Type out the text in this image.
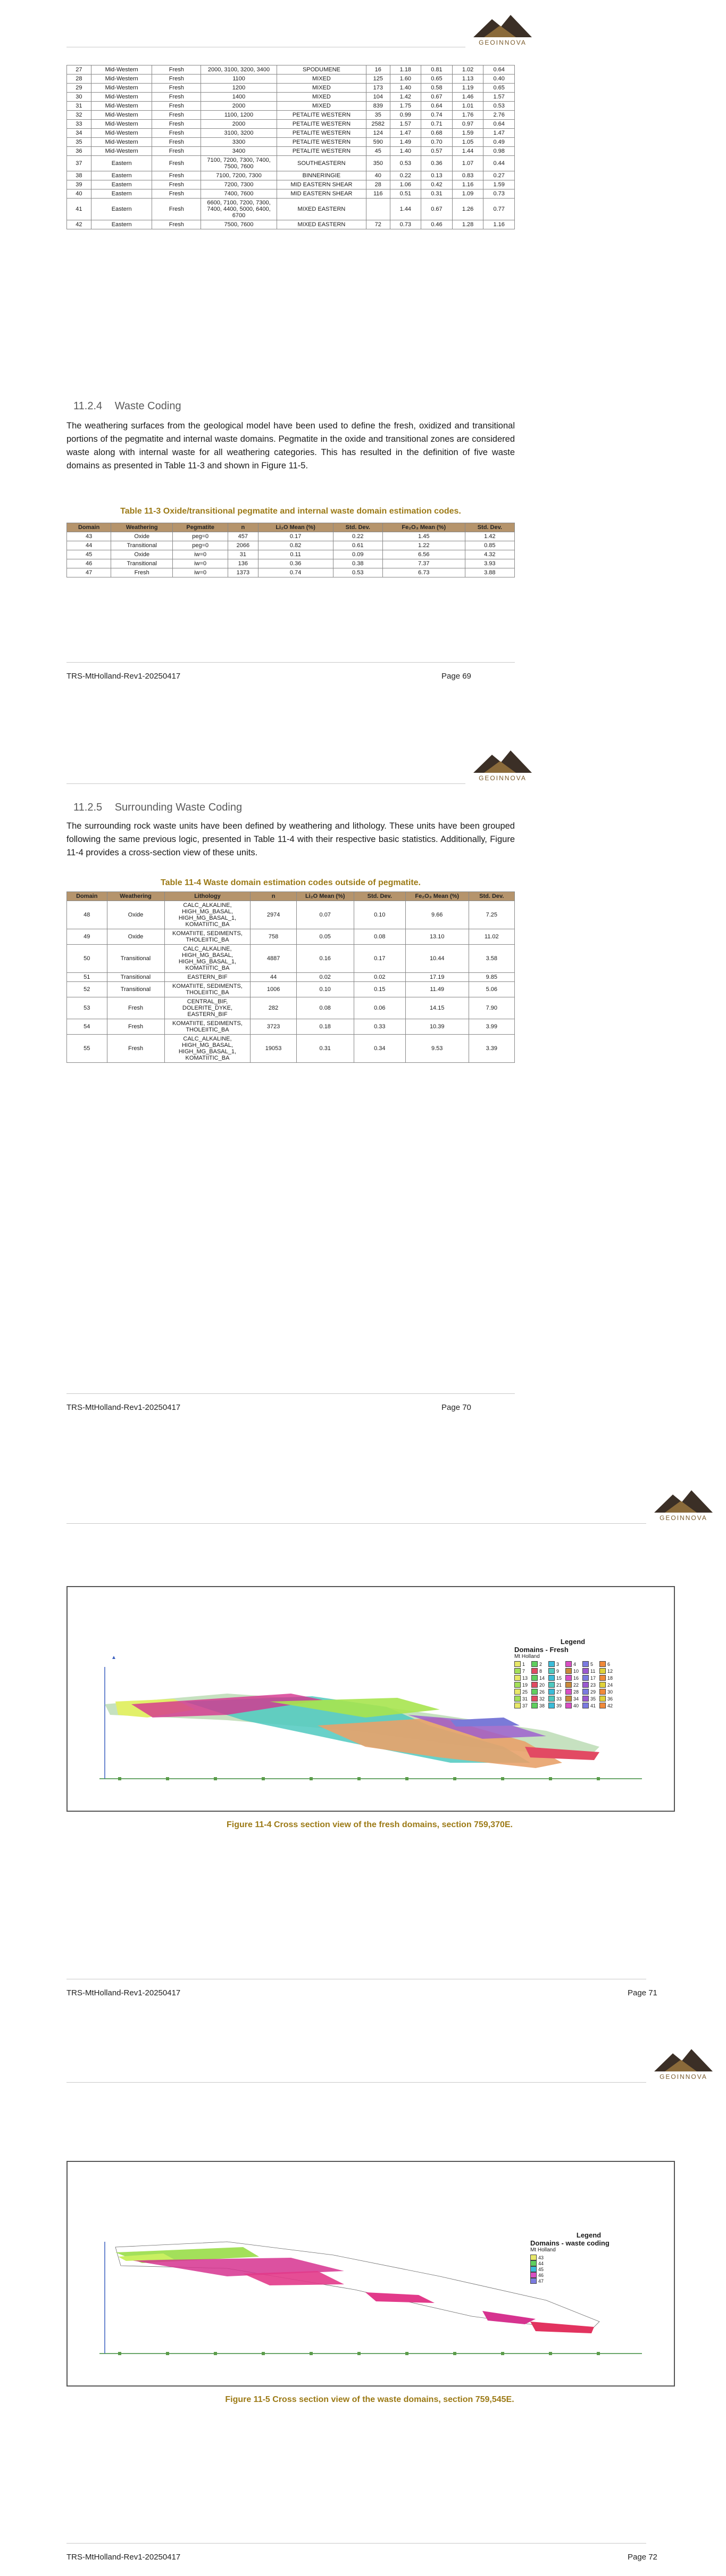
GEOINNOVA
27	Mid-Western	Fresh	2000, 3100, 3200, 3400	SPODUMENE	16	1.18	0.81	1.02	0.64
28	Mid-Western	Fresh	1100	MIXED	125	1.60	0.65	1.13	0.40
29	Mid-Western	Fresh	1200	MIXED	173	1.40	0.58	1.19	0.65
30	Mid-Western	Fresh	1400	MIXED	104	1.42	0.67	1.46	1.57
31	Mid-Western	Fresh	2000	MIXED	839	1.75	0.64	1.01	0.53
32	Mid-Western	Fresh	1100, 1200	PETALITE WESTERN	35	0.99	0.74	1.76	2.76
33	Mid-Western	Fresh	2000	PETALITE WESTERN	2582	1.57	0.71	0.97	0.64
34	Mid-Western	Fresh	3100, 3200	PETALITE WESTERN	124	1.47	0.68	1.59	1.47
35	Mid-Western	Fresh	3300	PETALITE WESTERN	590	1.49	0.70	1.05	0.49
36	Mid-Western	Fresh	3400	PETALITE WESTERN	45	1.40	0.57	1.44	0.98
37	Eastern	Fresh	7100, 7200, 7300, 7400, 7500, 7600	SOUTHEASTERN	350	0.53	0.36	1.07	0.44
38	Eastern	Fresh	7100, 7200, 7300	BINNERINGIE	40	0.22	0.13	0.83	0.27
39	Eastern	Fresh	7200, 7300	MID EASTERN SHEAR	28	1.06	0.42	1.16	1.59
40	Eastern	Fresh	7400, 7600	MID EASTERN SHEAR	116	0.51	0.31	1.09	0.73
41	Eastern	Fresh	6600, 7100, 7200, 7300, 7400, 4400, 5000, 6400, 6700	MIXED EASTERN		1.44	0.67	1.26	0.77
42	Eastern	Fresh	7500, 7600	MIXED EASTERN	72	0.73	0.46	1.28	1.16
11.2.4 Waste Coding
The weathering surfaces from the geological model have been used to define the fresh, oxidized and transitional portions of the pegmatite and internal waste domains. Pegmatite in the oxide and transitional zones are considered waste along with internal waste for all weathering categories. This has resulted in the definition of five waste domains as presented in Table 11-3 and shown in Figure 11-5.
Table 11-3 Oxide/transitional pegmatite and internal waste domain estimation codes.
Domain	Weathering	Pegmatite	n	Li₂O Mean (%)	Std. Dev.	Fe₂O₃ Mean (%)	Std. Dev.
43	Oxide	peg=0	457	0.17	0.22	1.45	1.42
44	Transitional	peg=0	2066	0.82	0.61	1.22	0.85
45	Oxide	iw=0	31	0.11	0.09	6.56	4.32
46	Transitional	iw=0	136	0.36	0.38	7.37	3.93
47	Fresh	iw=0	1373	0.74	0.53	6.73	3.88
TRS-MtHolland-Rev1-20250417	Page 69
GEOINNOVA
11.2.5 Surrounding Waste Coding
The surrounding rock waste units have been defined by weathering and lithology. These units have been grouped following the same previous logic, presented in Table 11-4 with their respective basic statistics. Additionally, Figure 11-4 provides a cross-section view of these units.
Table 11-4 Waste domain estimation codes outside of pegmatite.
Domain	Weathering	Lithology	n	Li₂O Mean (%)	Std. Dev.	Fe₂O₃ Mean (%)	Std. Dev.
48	Oxide	CALC_ALKALINE, HIGH_MG_BASAL, HIGH_MG_BASAL_1, KOMATIITIC_BA	2974	0.07	0.10	9.66	7.25
49	Oxide	KOMATIITE, SEDIMENTS, THOLEIITIC_BA	758	0.05	0.08	13.10	11.02
50	Transitional	CALC_ALKALINE, HIGH_MG_BASAL, HIGH_MG_BASAL_1, KOMATIITIC_BA	4887	0.16	0.17	10.44	3.58
51	Transitional	EASTERN_BIF	44	0.02	0.02	17.19	9.85
52	Transitional	KOMATIITE, SEDIMENTS, THOLEIITIC_BA	1006	0.10	0.15	11.49	5.06
53	Fresh	CENTRAL_BIF, DOLERITE_DYKE, EASTERN_BIF	282	0.08	0.06	14.15	7.90
54	Fresh	KOMATIITE, SEDIMENTS, THOLEIITIC_BA	3723	0.18	0.33	10.39	3.99
55	Fresh	CALC_ALKALINE, HIGH_MG_BASAL, HIGH_MG_BASAL_1, KOMATIITIC_BA	19053	0.31	0.34	9.53	3.39
TRS-MtHolland-Rev1-20250417	Page 70
GEOINNOVA
▲
Legend
Domains - Fresh
Mt Holland
1	2	3	4	5	6
7	8	9	10 11	12
13 14 15 16 17 18
19 20 21 22 23 24
25 26 27 28 29 30
31 32 33 34 35 36
37 38 39 40 41 42
Figure 11-4 Cross section view of the fresh domains, section 759,370E.
TRS-MtHolland-Rev1-20250417	Page 71
GEOINNOVA
Legend
Domains - waste coding
Mt Holland
43
44
45
46
47
Figure 11-5 Cross section view of the waste domains, section 759,545E.
TRS-MtHolland-Rev1-20250417	Page 72
